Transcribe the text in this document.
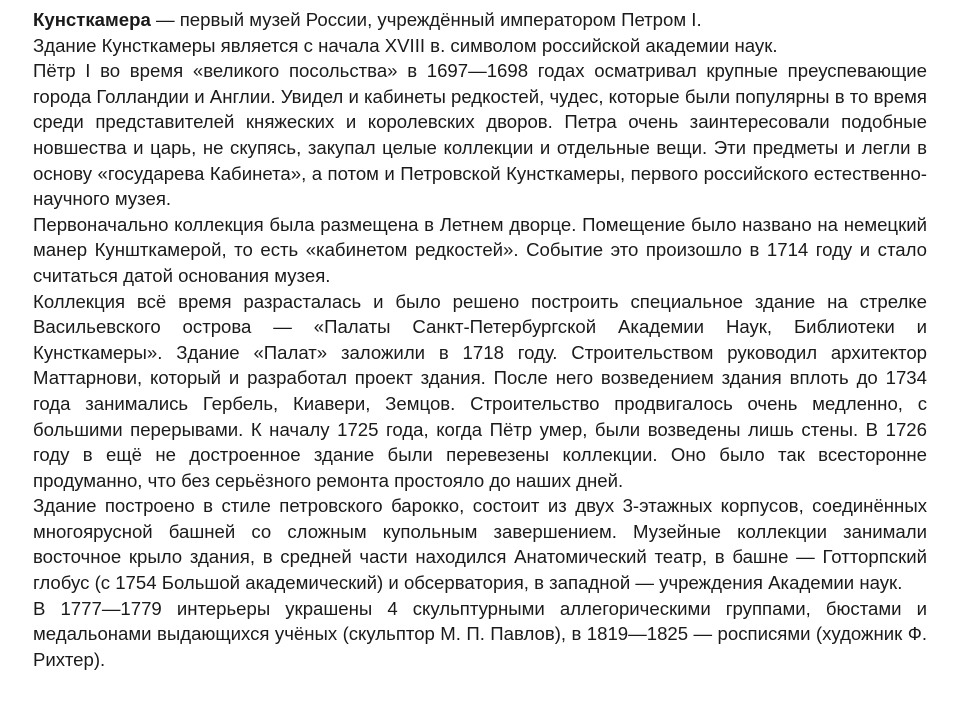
Кунсткамера — первый музей России, учреждённый императором Петром I.

Здание Кунсткамеры является с начала XVIII в. символом российской академии наук.

Пётр I во время «великого посольства» в 1697—1698 годах осматривал крупные преуспевающие города Голландии и Англии. Увидел и кабинеты редкостей, чудес, которые были популярны в то время среди представителей княжеских и королевских дворов. Петра очень заинтересовали подобные новшества и царь, не скупясь, закупал целые коллекции и отдельные вещи. Эти предметы и легли в основу «государева Кабинета», а потом и Петровской Кунсткамеры, первого российского естественно-научного музея.

Первоначально коллекция была размещена в Летнем дворце. Помещение было названо на немецкий манер Куншткамерой, то есть «кабинетом редкостей». Событие это произошло в 1714 году и стало считаться датой основания музея.

Коллекция всё время разрасталась и было решено построить специальное здание на стрелке Васильевского острова — «Палаты Санкт-Петербургской Академии Наук, Библиотеки и Кунсткамеры». Здание «Палат» заложили в 1718 году. Строительством руководил архитектор Маттарнови, который и разработал проект здания. После него возведением здания вплоть до 1734 года занимались Гербель, Киавери, Земцов. Строительство продвигалось очень медленно, с большими перерывами. К началу 1725 года, когда Пётр умер, были возведены лишь стены. В 1726 году в ещё не достроенное здание были перевезены коллекции. Оно было так всесторонне продуманно, что без серьёзного ремонта простояло до наших дней.

Здание построено в стиле петровского барокко, состоит из двух 3-этажных корпусов, соединённых многоярусной башней со сложным купольным завершением. Музейные коллекции занимали восточное крыло здания, в средней части находился Анатомический театр, в башне — Готторпский глобус (с 1754 Большой академический) и обсерватория, в западной — учреждения Академии наук.

В 1777—1779 интерьеры украшены 4 скульптурными аллегорическими группами, бюстами и медальонами выдающихся учёных (скульптор М. П. Павлов), в 1819—1825 — росписями (художник Ф. Рихтер).
